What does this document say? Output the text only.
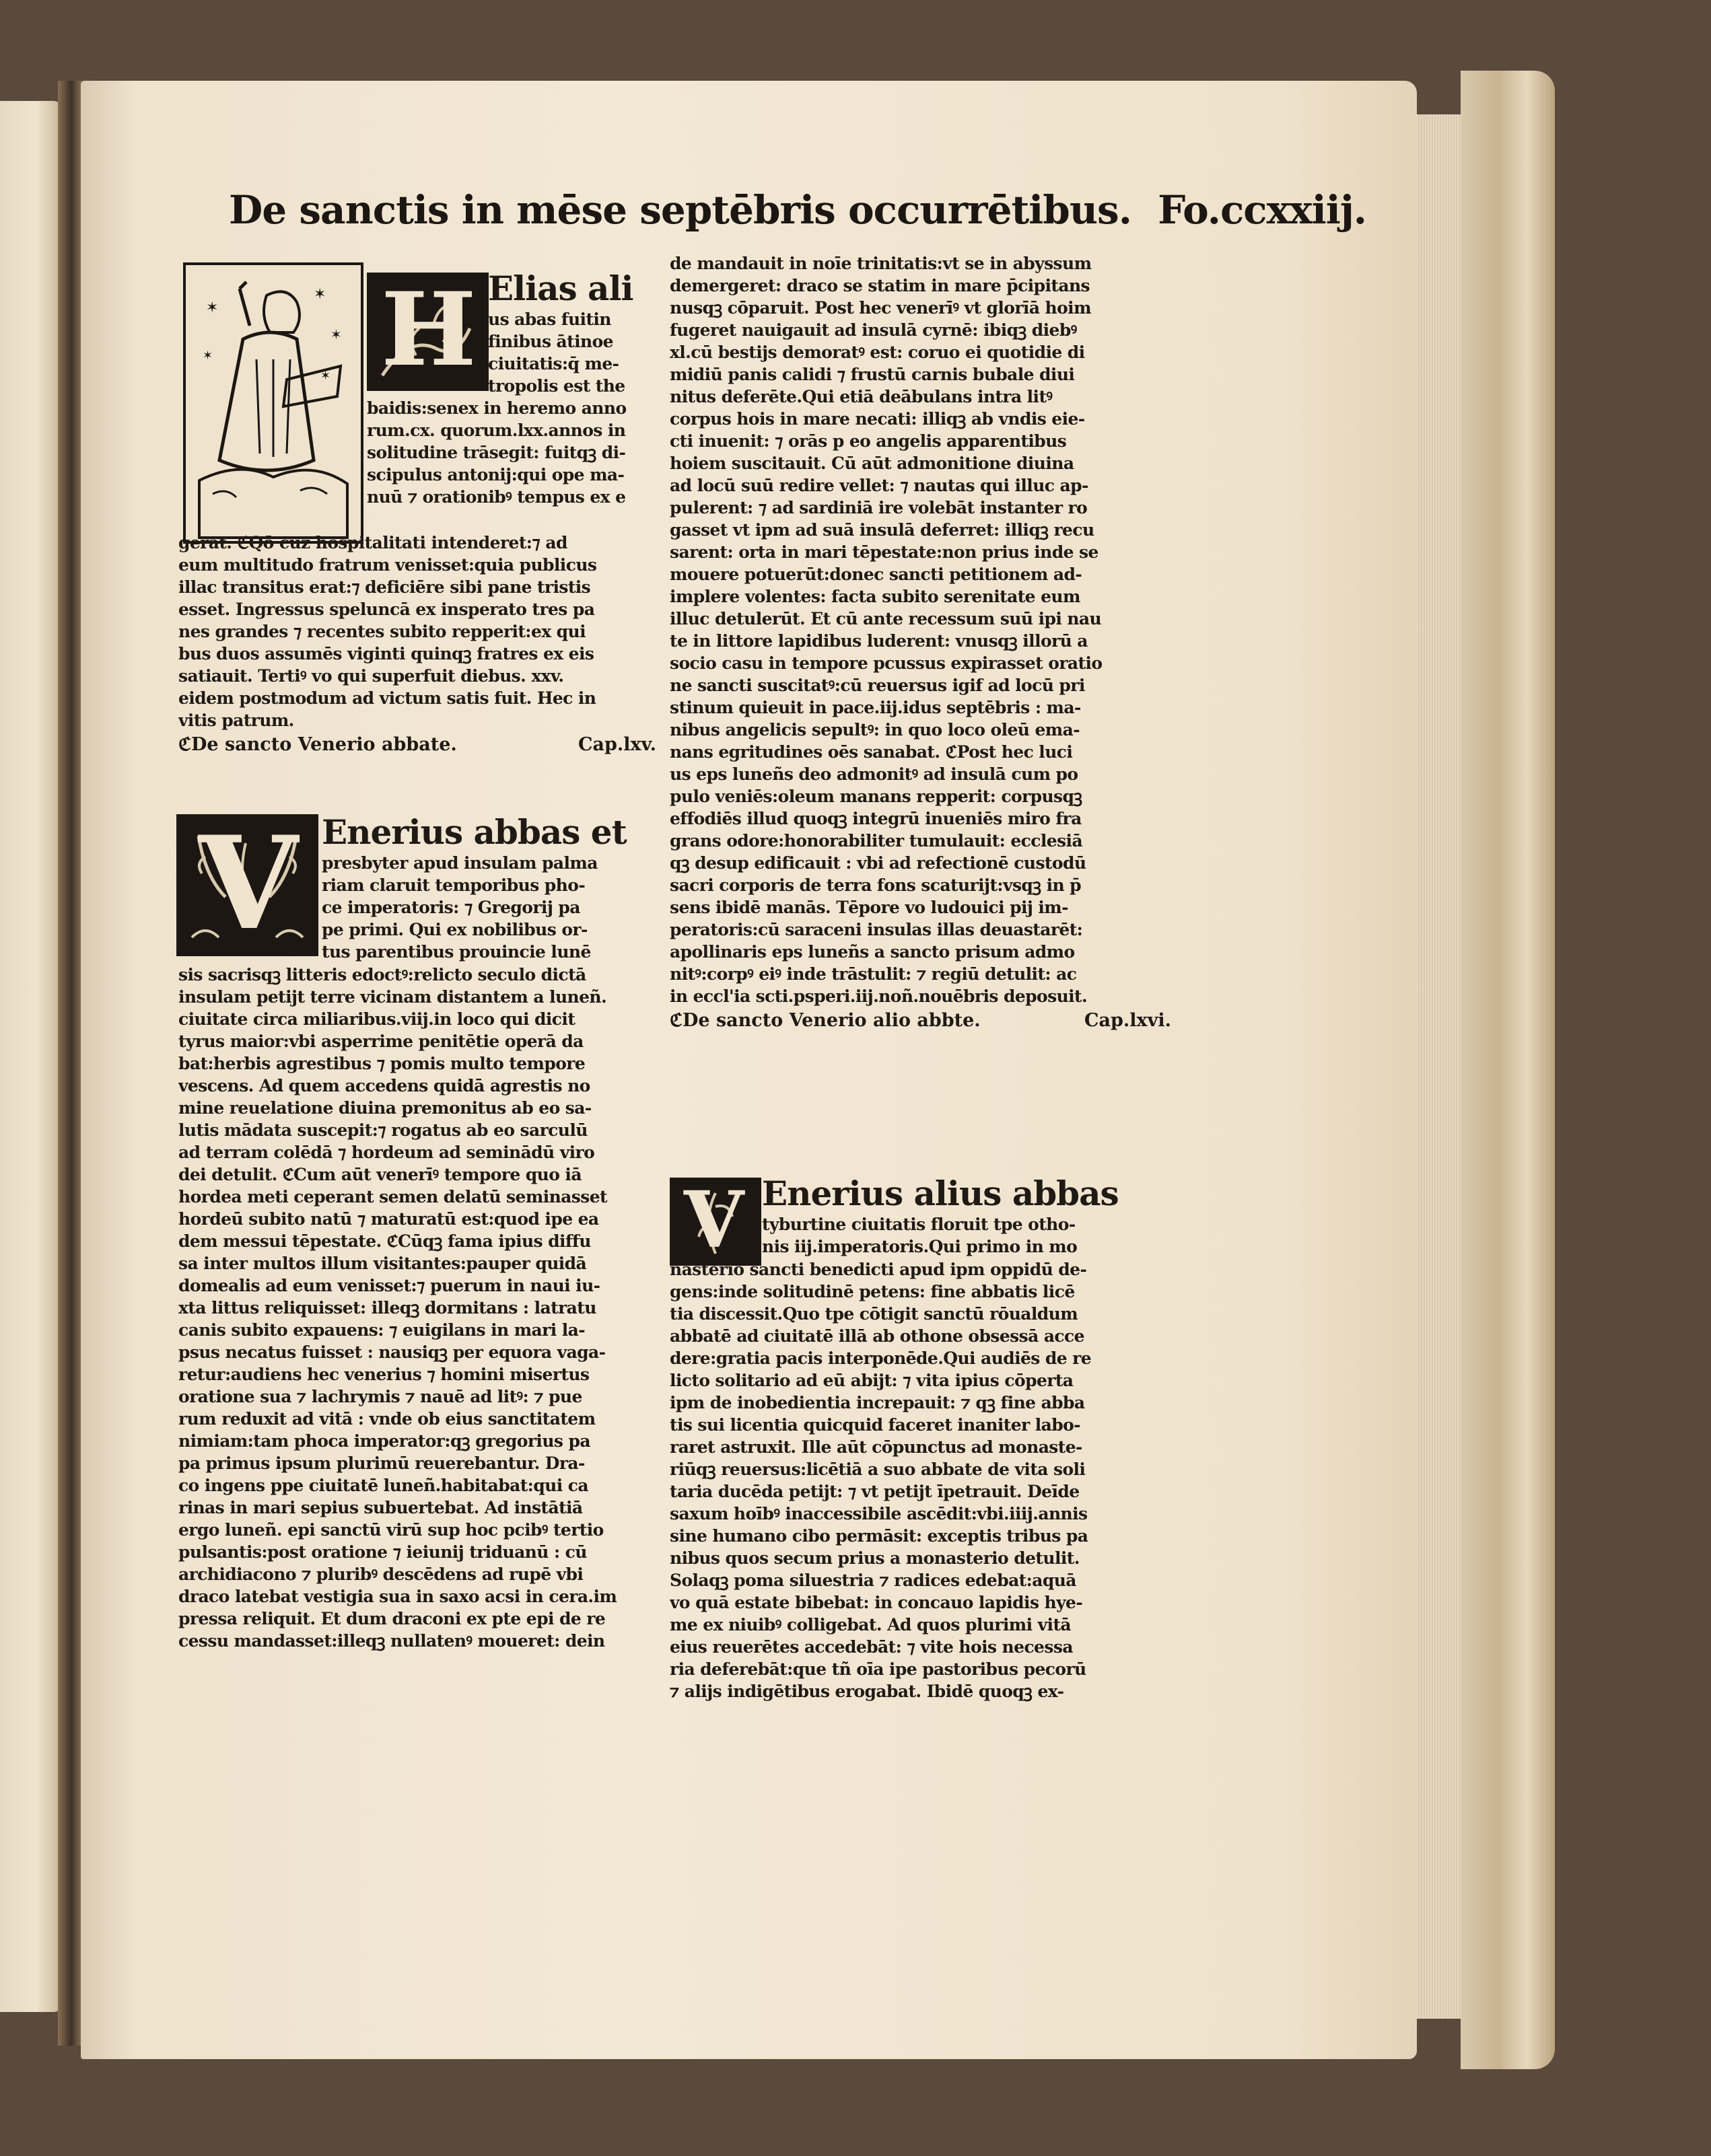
De sanctis in mēse septēbris occurrētibus. Fo.ccxxiij.
✶
✶
✶
✶
✶ H Elias ali

us abas fuitin

finibus ātinoe

ciuitatis:q̄ me-

tropolis est the

baidis:senex in heremo anno

rum.cx. quorum.lxx.annos in

solitudine trāsegit: fuitqꝫ di-

scipulus antonij:qui ope ma-

nuū ⁊ orationibꝰ tempus ex e

gerat. ℭQō cuz hospitalitati intenderet:⁊ ad

eum multitudo fratrum venisset:quia publicus

illac transitus erat:⁊ deficiēre sibi pane tristis

esset. Ingressus speluncā ex insperato tres pa

nes grandes ⁊ recentes subito repperit:ex qui

bus duos assumēs viginti quinqꝫ fratres ex eis

satiauit. Tertiꝰ vo qui superfuit diebus. xxv.

eidem postmodum ad victum satis fuit. Hec in

vitis patrum.

ℭDe sancto Venerio abbate.	Cap.lxv.
V Enerius abbas et

presbyter apud insulam palma

riam claruit temporibus pho-

ce imperatoris: ⁊ Gregorij pa

pe primi. Qui ex nobilibus or-

tus parentibus prouincie lunē

sis sacrisqꝫ litteris edoctꝰ:relicto seculo dictā

insulam petijt terre vicinam distantem a luneñ.

ciuitate circa miliaribus.viij.in loco qui dicit

tyrus maior:vbi asperrime penitētie operā da

bat:herbis agrestibus ⁊ pomis multo tempore

vescens. Ad quem accedens quidā agrestis no

mine reuelatione diuina premonitus ab eo sa-

lutis mādata suscepit:⁊ rogatus ab eo sarculū

ad terram colēdā ⁊ hordeum ad seminādū viro

dei detulit. ℭCum aūt venerīꝰ tempore quo iā

hordea meti ceperant semen delatū seminasset

hordeū subito natū ⁊ maturatū est:quod ipe ea

dem messui tēpestate. ℭCūqꝫ fama ipius diffu

sa inter multos illum visitantes:pauper quidā

domealis ad eum venisset:⁊ puerum in naui iu-

xta littus reliquisset: illeqꝫ dormitans : latratu

canis subito expauens: ⁊ euigilans in mari la-

psus necatus fuisset : nausiqꝫ per equora vaga-

retur:audiens hec venerius ⁊ homini misertus

oratione sua ⁊ lachrymis ⁊ nauē ad litꝰ: ⁊ pue

rum reduxit ad vitā : vnde ob eius sanctitatem

nimiam:tam phoca imperator:qꝫ gregorius pa

pa primus ipsum plurimū reuerebantur. Dra-

co ingens ppe ciuitatē luneñ.habitabat:qui ca

rinas in mari sepius subuertebat. Ad instātiā

ergo luneñ. epi sanctū virū sup hoc pcibꝰ tertio

pulsantis:post oratione ⁊ ieiunij triduanū : cū

archidiacono ⁊ pluribꝰ descēdens ad rupē vbi

draco latebat vestigia sua in saxo acsi in cera.im

pressa reliquit. Et dum draconi ex pte epi de re

cessu mandasset:illeqꝫ nullatenꝰ moueret: dein

de mandauit in noīe trinitatis:vt se in abyssum

demergeret: draco se statim in mare p̄cipitans

nusqꝫ cōparuit. Post hec venerīꝰ vt glorīā hoim

fugeret nauigauit ad insulā cyrnē: ibiqꝫ diebꝰ

xl.cū bestijs demoratꝰ est: coruo ei quotidie di

midiū panis calidi ⁊ frustū carnis bubale diui

nitus deferēte.Qui etiā deābulans intra litꝰ

corpus hois in mare necati: illiqꝫ ab vndis eie-

cti inuenit: ⁊ orās p eo angelis apparentibus

hoiem suscitauit. Cū aūt admonitione diuina

ad locū suū redire vellet: ⁊ nautas qui illuc ap-

pulerent: ⁊ ad sardiniā ire volebāt instanter ro

gasset vt ipm ad suā insulā deferret: illiqꝫ recu

sarent: orta in mari tēpestate:non prius inde se

mouere potuerūt:donec sancti petitionem ad-

implere volentes: facta subito serenitate eum

illuc detulerūt. Et cū ante recessum suū ipi nau

te in littore lapidibus luderent: vnusqꝫ illorū a

socio casu in tempore pcussus expirasset oratio

ne sancti suscitatꝰ:cū reuersus igif ad locū pri

stinum quieuit in pace.iij.idus septēbris : ma-

nibus angelicis sepultꝰ: in quo loco oleū ema-

nans egritudines oēs sanabat. ℭPost hec luci

us eps luneñs deo admonitꝰ ad insulā cum po

pulo veniēs:oleum manans repperit: corpusqꝫ

effodiēs illud quoqꝫ integrū inueniēs miro fra

grans odore:honorabiliter tumulauit: ecclesiā

qꝫ desup edificauit : vbi ad refectionē custodū

sacri corporis de terra fons scaturijt:vsqꝫ in p̄

sens ibidē manās. Tēpore vo ludouici pij im-

peratoris:cū saraceni insulas illas deuastarēt:

apollinaris eps luneñs a sancto prisum admo

nitꝰ:corpꝰ eiꝰ inde trāstulit: ⁊ regiū detulit: ac

in eccl'ia scti.psperi.iij.noñ.nouēbris deposuit.

ℭDe sancto Venerio alio abbte.	Cap.lxvi.
V Enerius alius abbas

tyburtine ciuitatis floruit tpe otho-

nis iij.imperatoris.Qui primo in mo

nasterio sancti benedicti apud ipm oppidū de-

gens:inde solitudinē petens: fine abbatis licē

tia discessit.Quo tpe cōtigit sanctū rōualdum

abbatē ad ciuitatē illā ab othone obsessā acce

dere:gratia pacis interponēde.Qui audiēs de re

licto solitario ad eū abijt: ⁊ vita ipius cōperta

ipm de inobedientia increpauit: ⁊ qꝫ fine abba

tis sui licentia quicquid faceret inaniter labo-

raret astruxit. Ille aūt cōpunctus ad monaste-

riūqꝫ reuersus:licētiā a suo abbate de vita soli

taria ducēda petijt: ⁊ vt petijt īpetrauit. Deīde

saxum hoībꝰ inaccessibile ascēdit:vbi.iiij.annis

sine humano cibo permāsit: exceptis tribus pa

nibus quos secum prius a monasterio detulit.

Solaqꝫ poma siluestria ⁊ radices edebat:aquā

vo quā estate bibebat: in concauo lapidis hye-

me ex niuibꝰ colligebat. Ad quos plurimi vitā

eius reuerētes accedebāt: ⁊ vite hois necessa

ria deferebāt:que tñ oīa ipe pastoribus pecorū

⁊ alijs indigētibus erogabat. Ibidē quoqꝫ ex-
